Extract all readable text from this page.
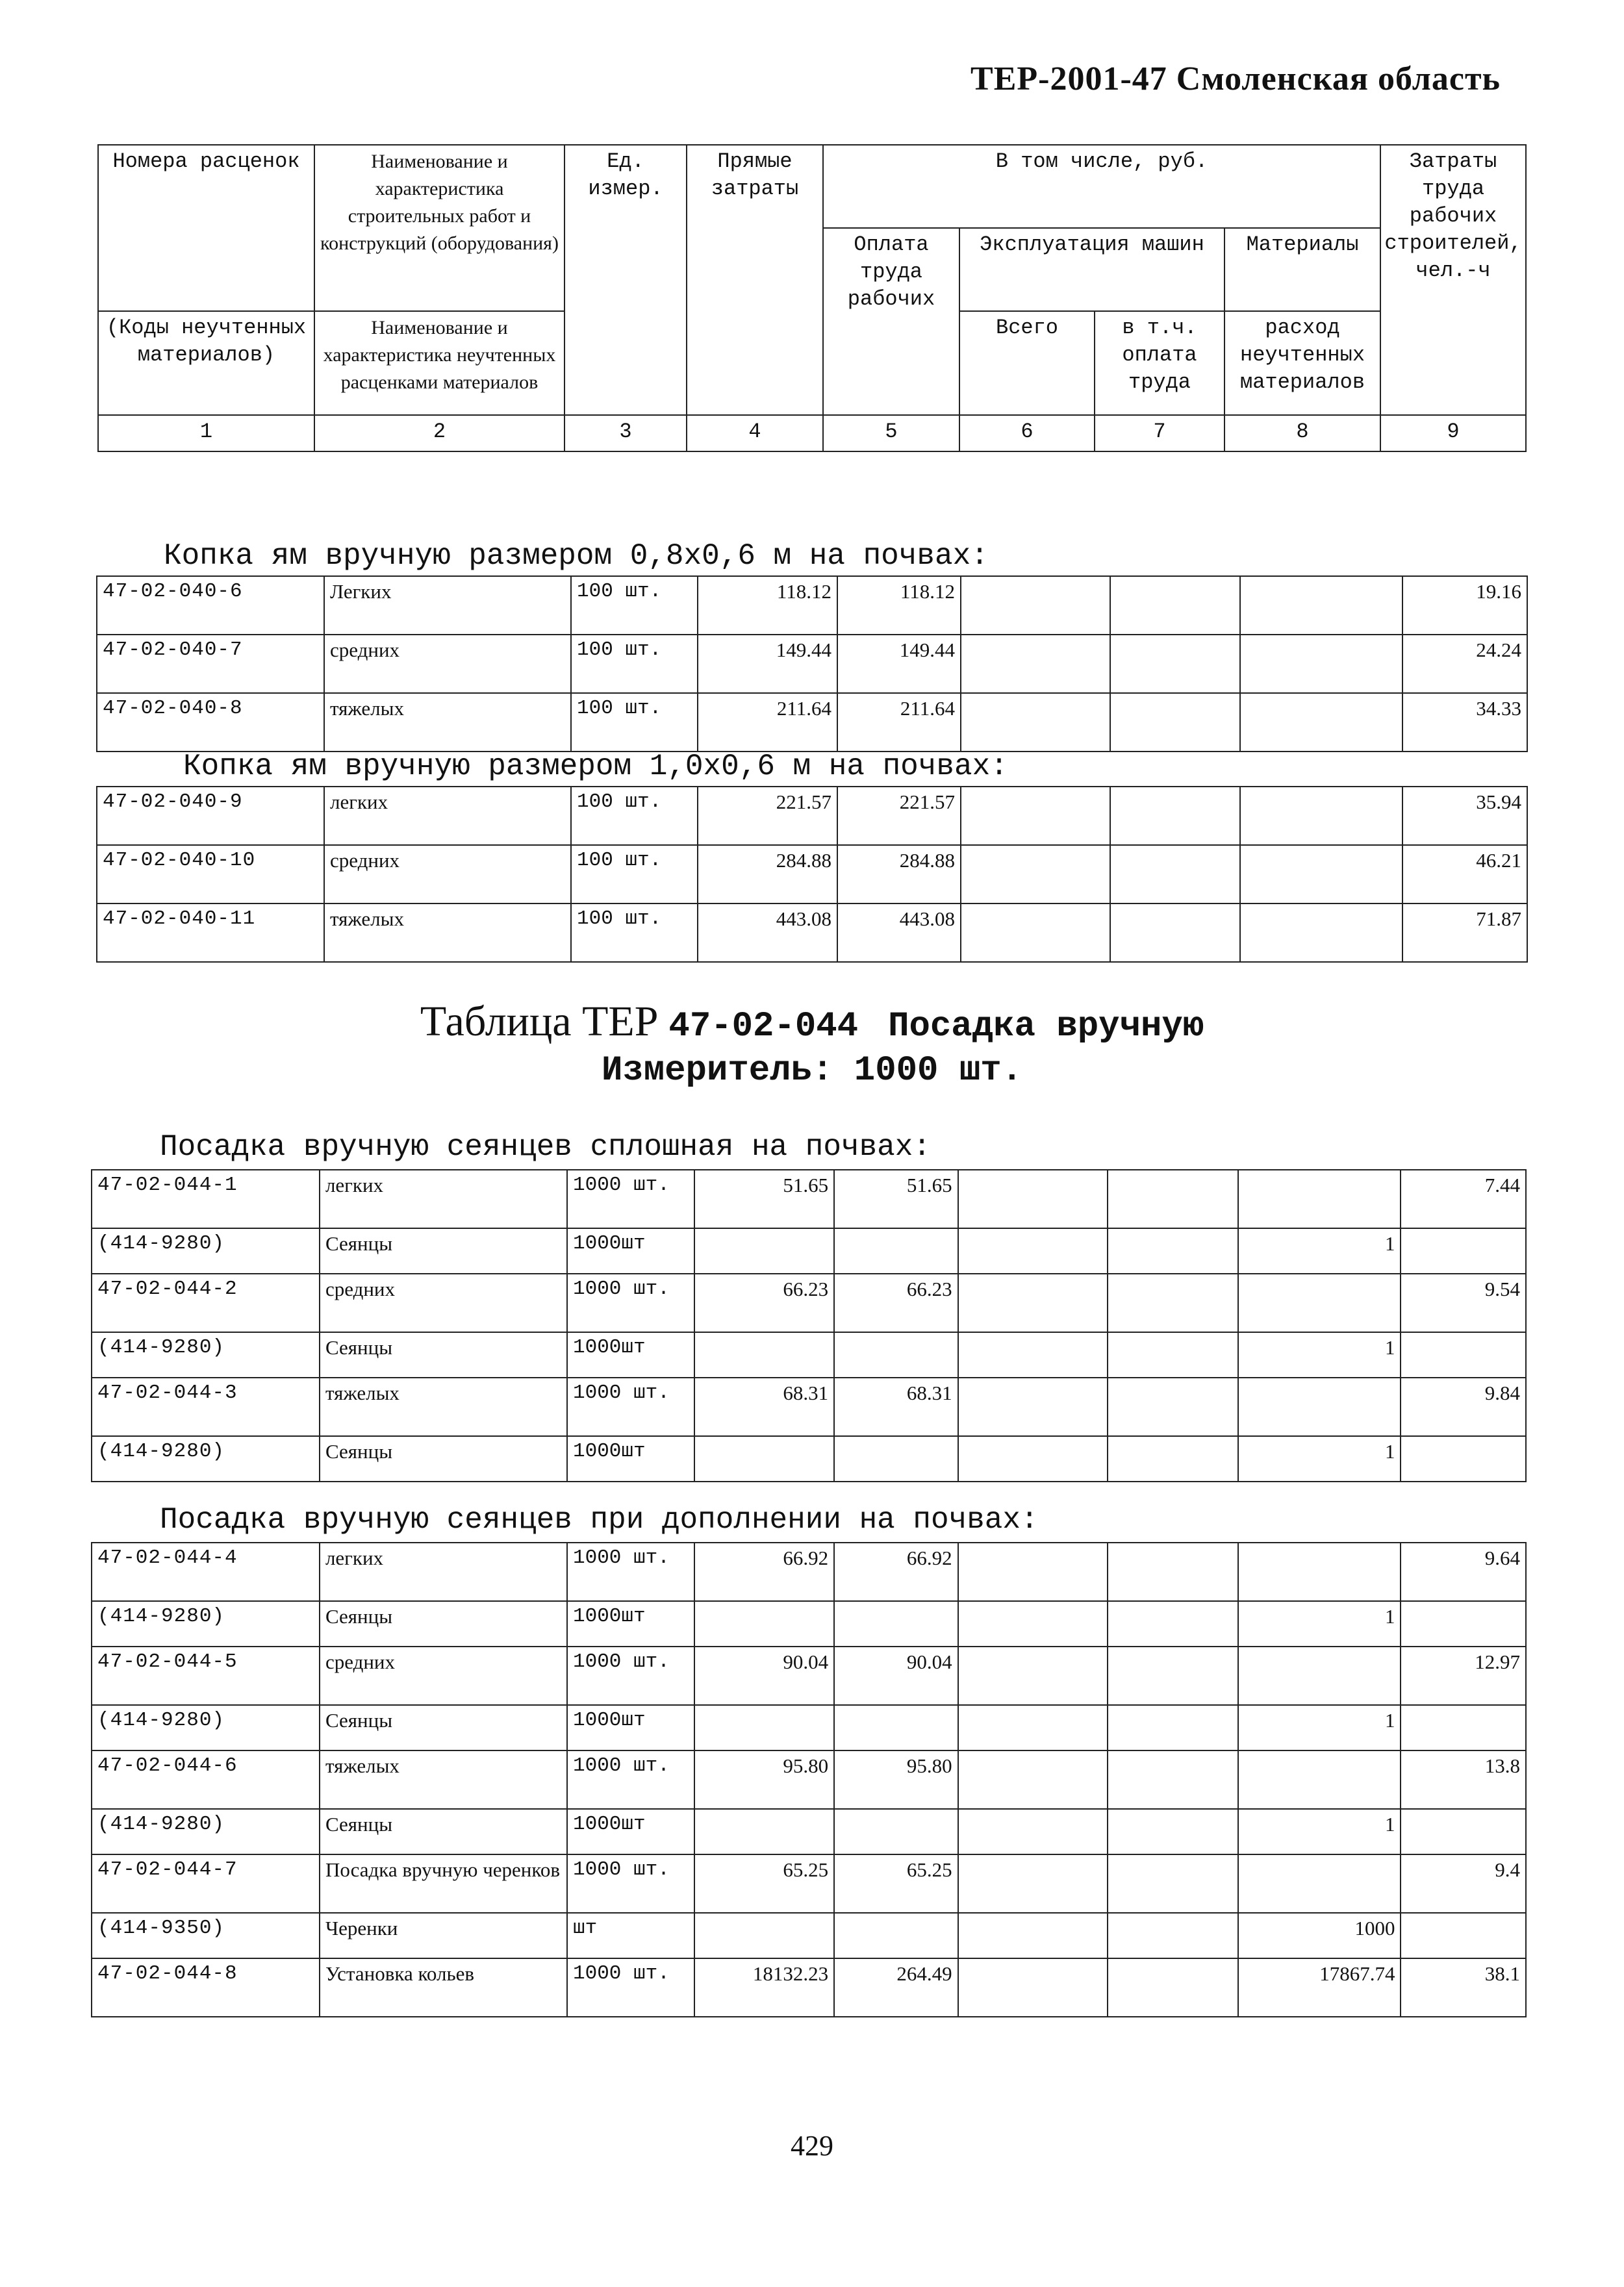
ТЕР-2001-47 Смоленская область
Номера расценок	Наименование и характеристика строительных работ и конструкций (оборудования)	Ед. измер.	Прямые затраты	В том числе, руб.				Затраты труда рабочих строителей, чел.-ч
				Оплата труда рабочих	Эксплуатация машин		Материалы	
(Коды неучтенных материалов)	Наименование и характеристика неучтенных расценками материалов				Всего	в т.ч. оплата труда	расход неучтенных материалов	

1	2	3	4	5	6	7	8	9
Копка ям вручную размером 0,8х0,6 м на почвах:
47-02-040-6	Легких	100 шт.	118.12	118.12				19.16
47-02-040-7	средних	100 шт.	149.44	149.44				24.24
47-02-040-8	тяжелых	100 шт.	211.64	211.64				34.33
Копка ям вручную размером 1,0х0,6 м на почвах:
47-02-040-9	легких	100 шт.	221.57	221.57				35.94
47-02-040-10	средних	100 шт.	284.88	284.88				46.21
47-02-040-11	тяжелых	100 шт.	443.08	443.08				71.87
Таблица ТЕР 47-02-044 Посадка вручную
Измеритель: 1000 шт.
Посадка вручную сеянцев сплошная на почвах:
47-02-044-1	легких	1000 шт.	51.65	51.65				7.44
(414-9280)	Сеянцы	1000шт					1	
47-02-044-2	средних	1000 шт.	66.23	66.23				9.54
(414-9280)	Сеянцы	1000шт					1	
47-02-044-3	тяжелых	1000 шт.	68.31	68.31				9.84
(414-9280)	Сеянцы	1000шт					1	
Посадка вручную сеянцев при дополнении на почвах:
47-02-044-4	легких	1000 шт.	66.92	66.92				9.64
(414-9280)	Сеянцы	1000шт					1	
47-02-044-5	средних	1000 шт.	90.04	90.04				12.97
(414-9280)	Сеянцы	1000шт					1	
47-02-044-6	тяжелых	1000 шт.	95.80	95.80				13.8
(414-9280)	Сеянцы	1000шт					1	
47-02-044-7	Посадка вручную черенков	1000 шт.	65.25	65.25				9.4
(414-9350)	Черенки	шт					1000	
47-02-044-8	Установка кольев	1000 шт.	18132.23	264.49			17867.74	38.1
429
